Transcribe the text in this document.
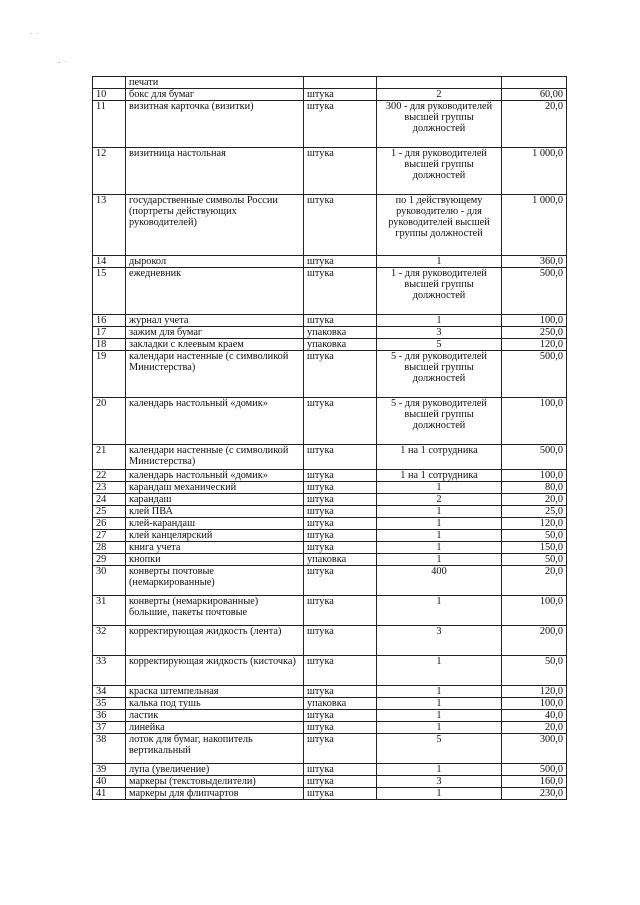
· ·
- ·
	печати			
10	бокс для бумаг	штука	2	60,00
11	визитная карточка (визитки)	штука	300 - для руководителей высшей группы должностей	20,0
12	визитница настольная	штука	1 - для руководителей высшей группы должностей	1 000,0
13	государственные символы России (портреты действующих руководителей)	штука	по 1 действующему руководителю - для руководителей высшей группы должностей	1 000,0
14	дырокол	штука	1	360,0
15	ежедневник	штука	1 - для руководителей высшей группы должностей	500,0
16	журнал учета	штука	1	100,0
17	зажим для бумаг	упаковка	3	250,0
18	закладки с клеевым краем	упаковка	5	120,0
19	календари настенные (с символикой Министерства)	штука	5 - для руководителей высшей группы должностей	500,0
20	календарь настольный «домик»	штука	5 - для руководителей высшей группы должностей	100,0
21	календари настенные (с символикой Министерства)	штука	1 на 1 сотрудника	500,0
22	календарь настольный «домик»	штука	1 на 1 сотрудника	100,0
23	карандаш механический	штука	1	80,0
24	карандаш	штука	2	20,0
25	клей ПВА	штука	1	25,0
26	клей-карандаш	штука	1	120,0
27	клей канцелярский	штука	1	50,0
28	книга учета	штука	1	150,0
29	кнопки	упаковка	1	50,0
30	конверты почтовые (немаркированные)	штука	400	20,0
31	конверты (немаркированные) большие, пакеты почтовые	штука	1	100,0
32	корректирующая жидкость (лента)	штука	3	200,0
33	корректирующая жидкость (кисточка)	штука	1	50,0
34	краска штемпельная	штука	1	120,0
35	калька под тушь	упаковка	1	100,0
36	ластик	штука	1	40,0
37	линейка	штука	1	20,0
38	лоток для бумаг, накопитель вертикальный	штука	5	300,0
39	лупа (увеличение)	штука	1	500,0
40	маркеры (текстовыделители)	штука	3	160,0
41	маркеры для флипчартов	штука	1	230,0
